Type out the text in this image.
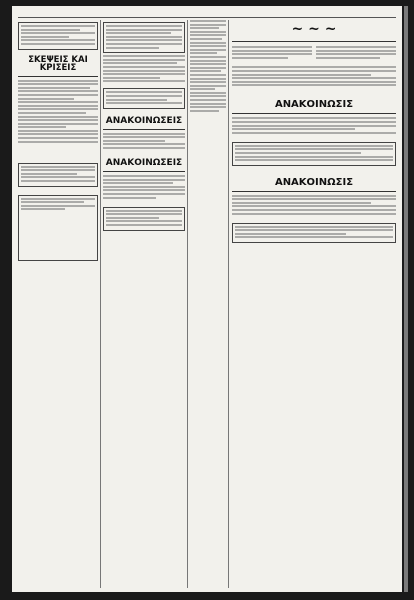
ΣΚΕΨΕΙΣ ΚΑΙ ΚΡΙΣΕΙΣ
ΑΝΑΚΟΙΝΩΣΕΙΣ
ΑΝΑΚΟΙΝΩΣΕΙΣ
~ ~ ~
ΑΝΑΚΟΙΝΩΣΙΣ
ΑΝΑΚΟΙΝΩΣΙΣ
